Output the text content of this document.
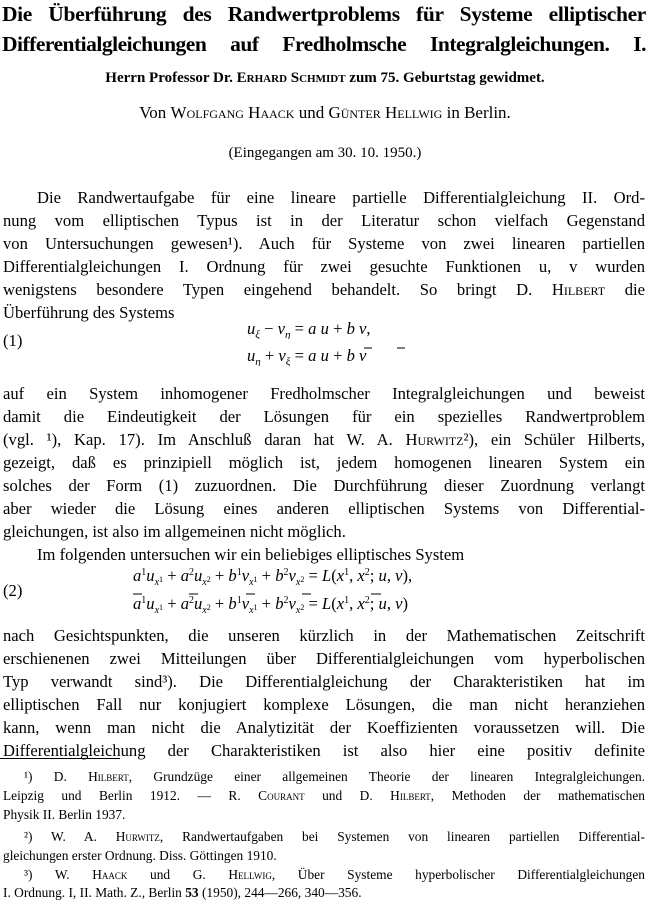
Die Überführung des Randwertproblems für Systeme elliptischer
Differentialgleichungen auf Fredholmsche Integralgleichungen. I.
Herrn Professor Dr. Erhard Schmidt zum 75. Geburtstag gewidmet.
Von Wolfgang Haack und Günter Hellwig in Berlin.
(Eingegangen am 30. 10. 1950.)
Die Randwertaufgabe für eine lineare partielle Differentialgleichung II. Ord-
nung vom elliptischen Typus ist in der Literatur schon vielfach Gegenstand
von Untersuchungen gewesen¹). Auch für Systeme von zwei linearen partiellen
Differentialgleichungen I. Ordnung für zwei gesuchte Funktionen u, v wurden
wenigstens besondere Typen eingehend behandelt. So bringt D. Hilbert die
Überführung des Systems
(1)
$u_\xi - v_\eta = a$ u + b v,
$u_\eta + v_\xi = a$ u + b v
auf ein System inhomogener Fredholmscher Integralgleichungen und beweist
damit die Eindeutigkeit der Lösungen für ein spezielles Randwertproblem
(vgl. ¹), Kap. 17). Im Anschluß daran hat W. A. Hurwitz²), ein Schüler Hilberts,
gezeigt, daß es prinzipiell möglich ist, jedem homogenen linearen System ein
solches der Form (1) zuzuordnen. Die Durchführung dieser Zuordnung verlangt
aber wieder die Lösung eines anderen elliptischen Systems von Differential-
gleichungen, ist also im allgemeinen nicht möglich.
Im folgenden untersuchen wir ein beliebiges elliptisches System
(2)
$a^1u_x1 + a^2u_x2 + b^1v_x1 + b^2v_x2 = L(x^1$, $x^2$; u, v),
$a^1u_x1 + a^2u_x2 + b^1v_x1 + b^2v_x2 = L(x^1$, $x^2$; u, v)
nach Gesichtspunkten, die unseren kürzlich in der Mathematischen Zeitschrift
erschienenen zwei Mitteilungen über Differentialgleichungen vom hyperbolischen
Typ verwandt sind³). Die Differentialgleichung der Charakteristiken hat im
elliptischen Fall nur konjugiert komplexe Lösungen, die man nicht heranziehen
kann, wenn man nicht die Analytizität der Koeffizienten voraussetzen will. Die
Differentialgleichung der Charakteristiken ist also hier eine positiv definite
¹) D. Hilbert, Grundzüge einer allgemeinen Theorie der linearen Integralgleichungen.
Leipzig und Berlin 1912. — R. Courant und D. Hilbert, Methoden der mathematischen
Physik II. Berlin 1937.
²) W. A. Hurwitz, Randwertaufgaben bei Systemen von linearen partiellen Differential-
gleichungen erster Ordnung. Diss. Göttingen 1910.
³) W. Haack und G. Hellwig, Über Systeme hyperbolischer Differentialgleichungen
I. Ordnung. I, II. Math. Z., Berlin 53 (1950), 244—266, 340—356.
